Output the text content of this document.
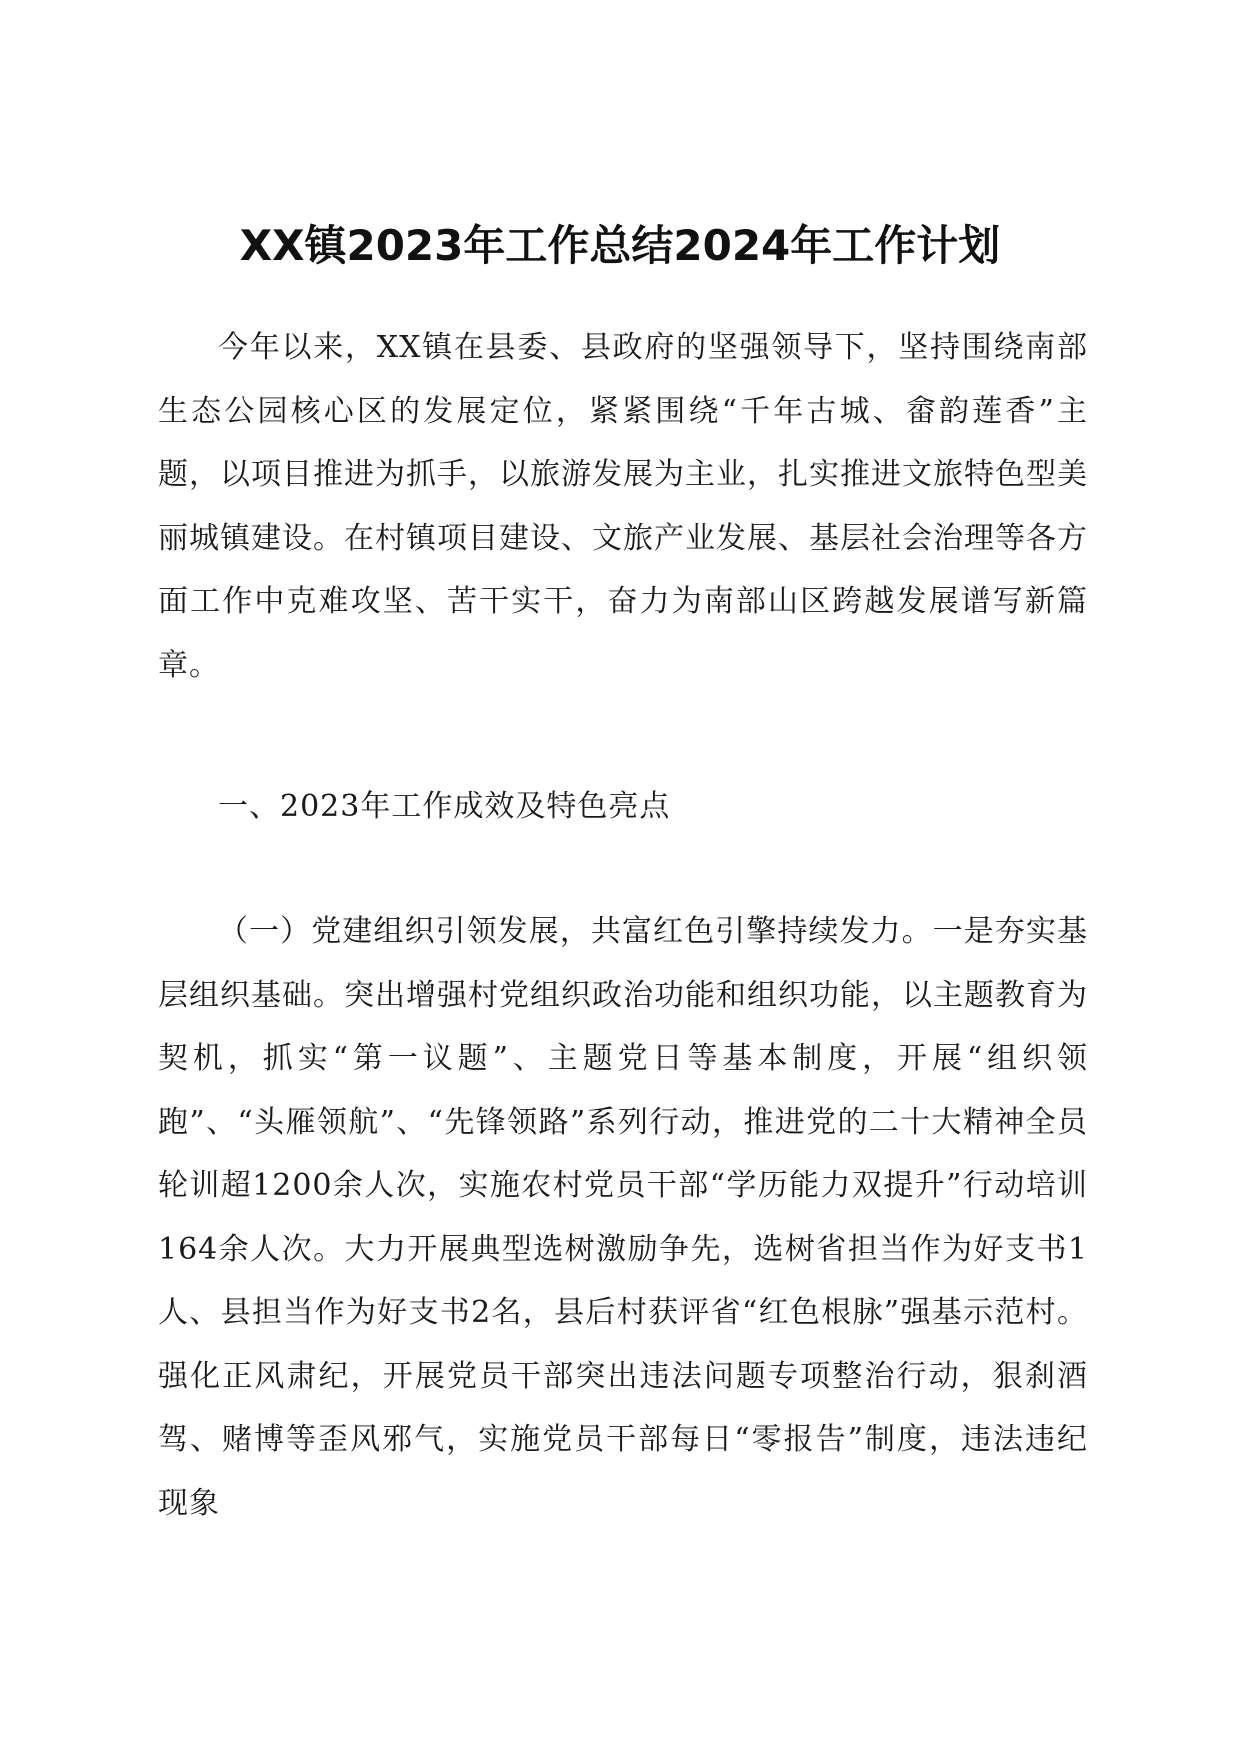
XX镇2023年工作总结2024年工作计划

今年以来，XX镇在县委、县政府的坚强领导下，坚持围绕南部生态公园核心区的发展定位，紧紧围绕“千年古城、畲韵莲香”主题，以项目推进为抓手，以旅游发展为主业，扎实推进文旅特色型美丽城镇建设。在村镇项目建设、文旅产业发展、基层社会治理等各方面工作中克难攻坚、苦干实干，奋力为南部山区跨越发展谱写新篇章。

一、2023年工作成效及特色亮点

（一）党建组织引领发展，共富红色引擎持续发力。一是夯实基层组织基础。突出增强村党组织政治功能和组织功能，以主题教育为契机，抓实“第一议题”、主题党日等基本制度，开展“组织领跑”、“头雁领航”、“先锋领路”系列行动，推进党的二十大精神全员轮训超1200余人次，实施农村党员干部“学历能力双提升”行动培训164余人次。大力开展典型选树激励争先，选树省担当作为好支书1人、县担当作为好支书2名，县后村获评省“红色根脉”强基示范村。强化正风肃纪，开展党员干部突出违法问题专项整治行动，狠刹酒驾、赌博等歪风邪气，实施党员干部每日“零报告”制度，违法违纪现象
